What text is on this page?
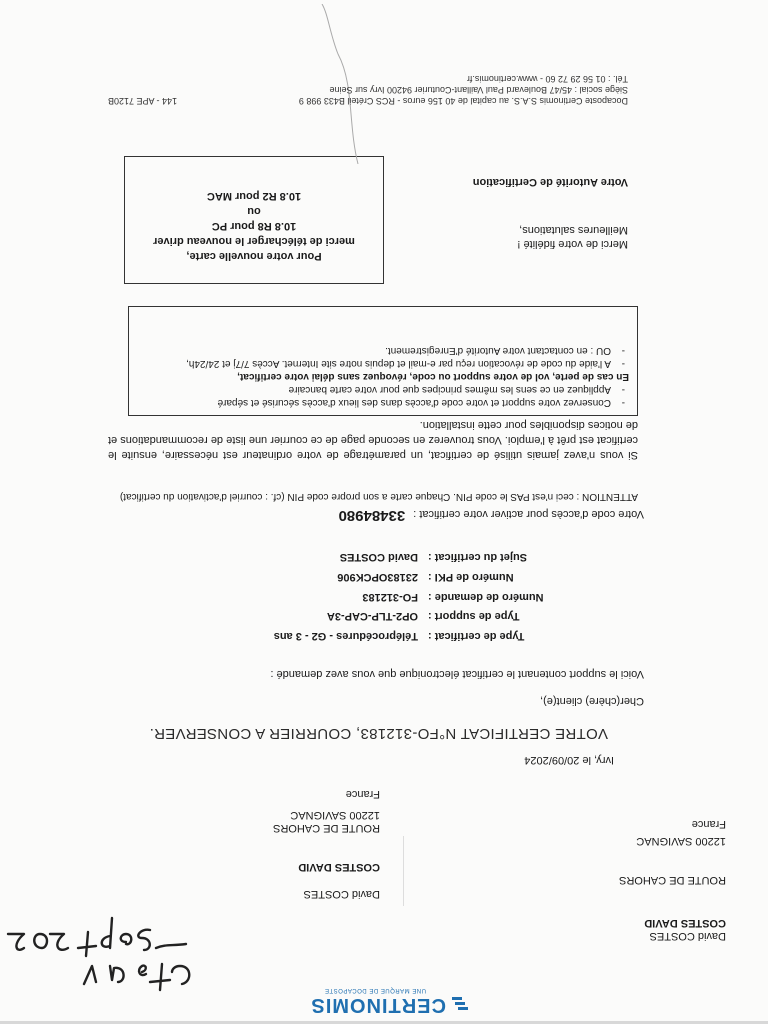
CERTINOMIS
UNE MARQUE DE DOCAPOSTE
David COSTES
COSTES DAVID
ROUTE DE CAHORS
12200 SAVIGNAC
France
David COSTES
COSTES DAVID
ROUTE DE CAHORS
12200 SAVIGNAC
France
Ivry, le 20/09/2024
VOTRE CERTIFICAT N°FO-312183, COURRIER A CONSERVER.
Cher(chère) client(e),
Voici le support contenant le certificat électronique que vous avez demandé :
Type de certificat :
Téléprocédures - G2 - 3 ans
Type de support :
OP2-TLP-CAP-3A
Numéro de demande :
FO-312183
Numéro de PKI :
23183OPCK906
Sujet du certificat :
David COSTES
Votre code d'accès pour activer votre certificat :
33484980
ATTENTION : ceci n'est PAS le code PIN. Chaque carte a son propre code PIN (cf. : courriel d'activation du certificat)
Si vous n'avez jamais utilisé de certificat, un paramétrage de votre ordinateur est nécessaire, ensuite le certificat est prêt à l'emploi. Vous trouverez en seconde page de ce courrier une liste de recommandations et de notices disponibles pour cette installation.
- Conservez votre support et votre code d'accès dans des lieux d'accès sécurisé et séparé
- Appliquez en ce sens les mêmes principes que pour votre carte bancaire
En cas de perte, vol de votre support ou code, révoquez sans délai votre certificat,
- A l'aide du code de révocation reçu par e-mail et depuis notre site Internet. Accès 7/7j et 24/24h,
- OU : en contactant votre Autorité d'Enregistrement.
Merci de votre fidélité !
Meilleures salutations,
Votre Autorité de Certification
Pour votre nouvelle carte,
merci de télécharger le nouveau driver
10.8 R8 pour PC
ou
10.8 R2 pour MAC
Docaposte Certinomis S.A.S. au capital de 40 156 euros - RCS Créteil B433 998 9
144 - APE 7120B
Siège social : 45/47 Boulevard Paul Vaillant-Couturier 94200 Ivry sur Seine
Tél. : 01 56 29 72 60 - www.certinomis.fr
